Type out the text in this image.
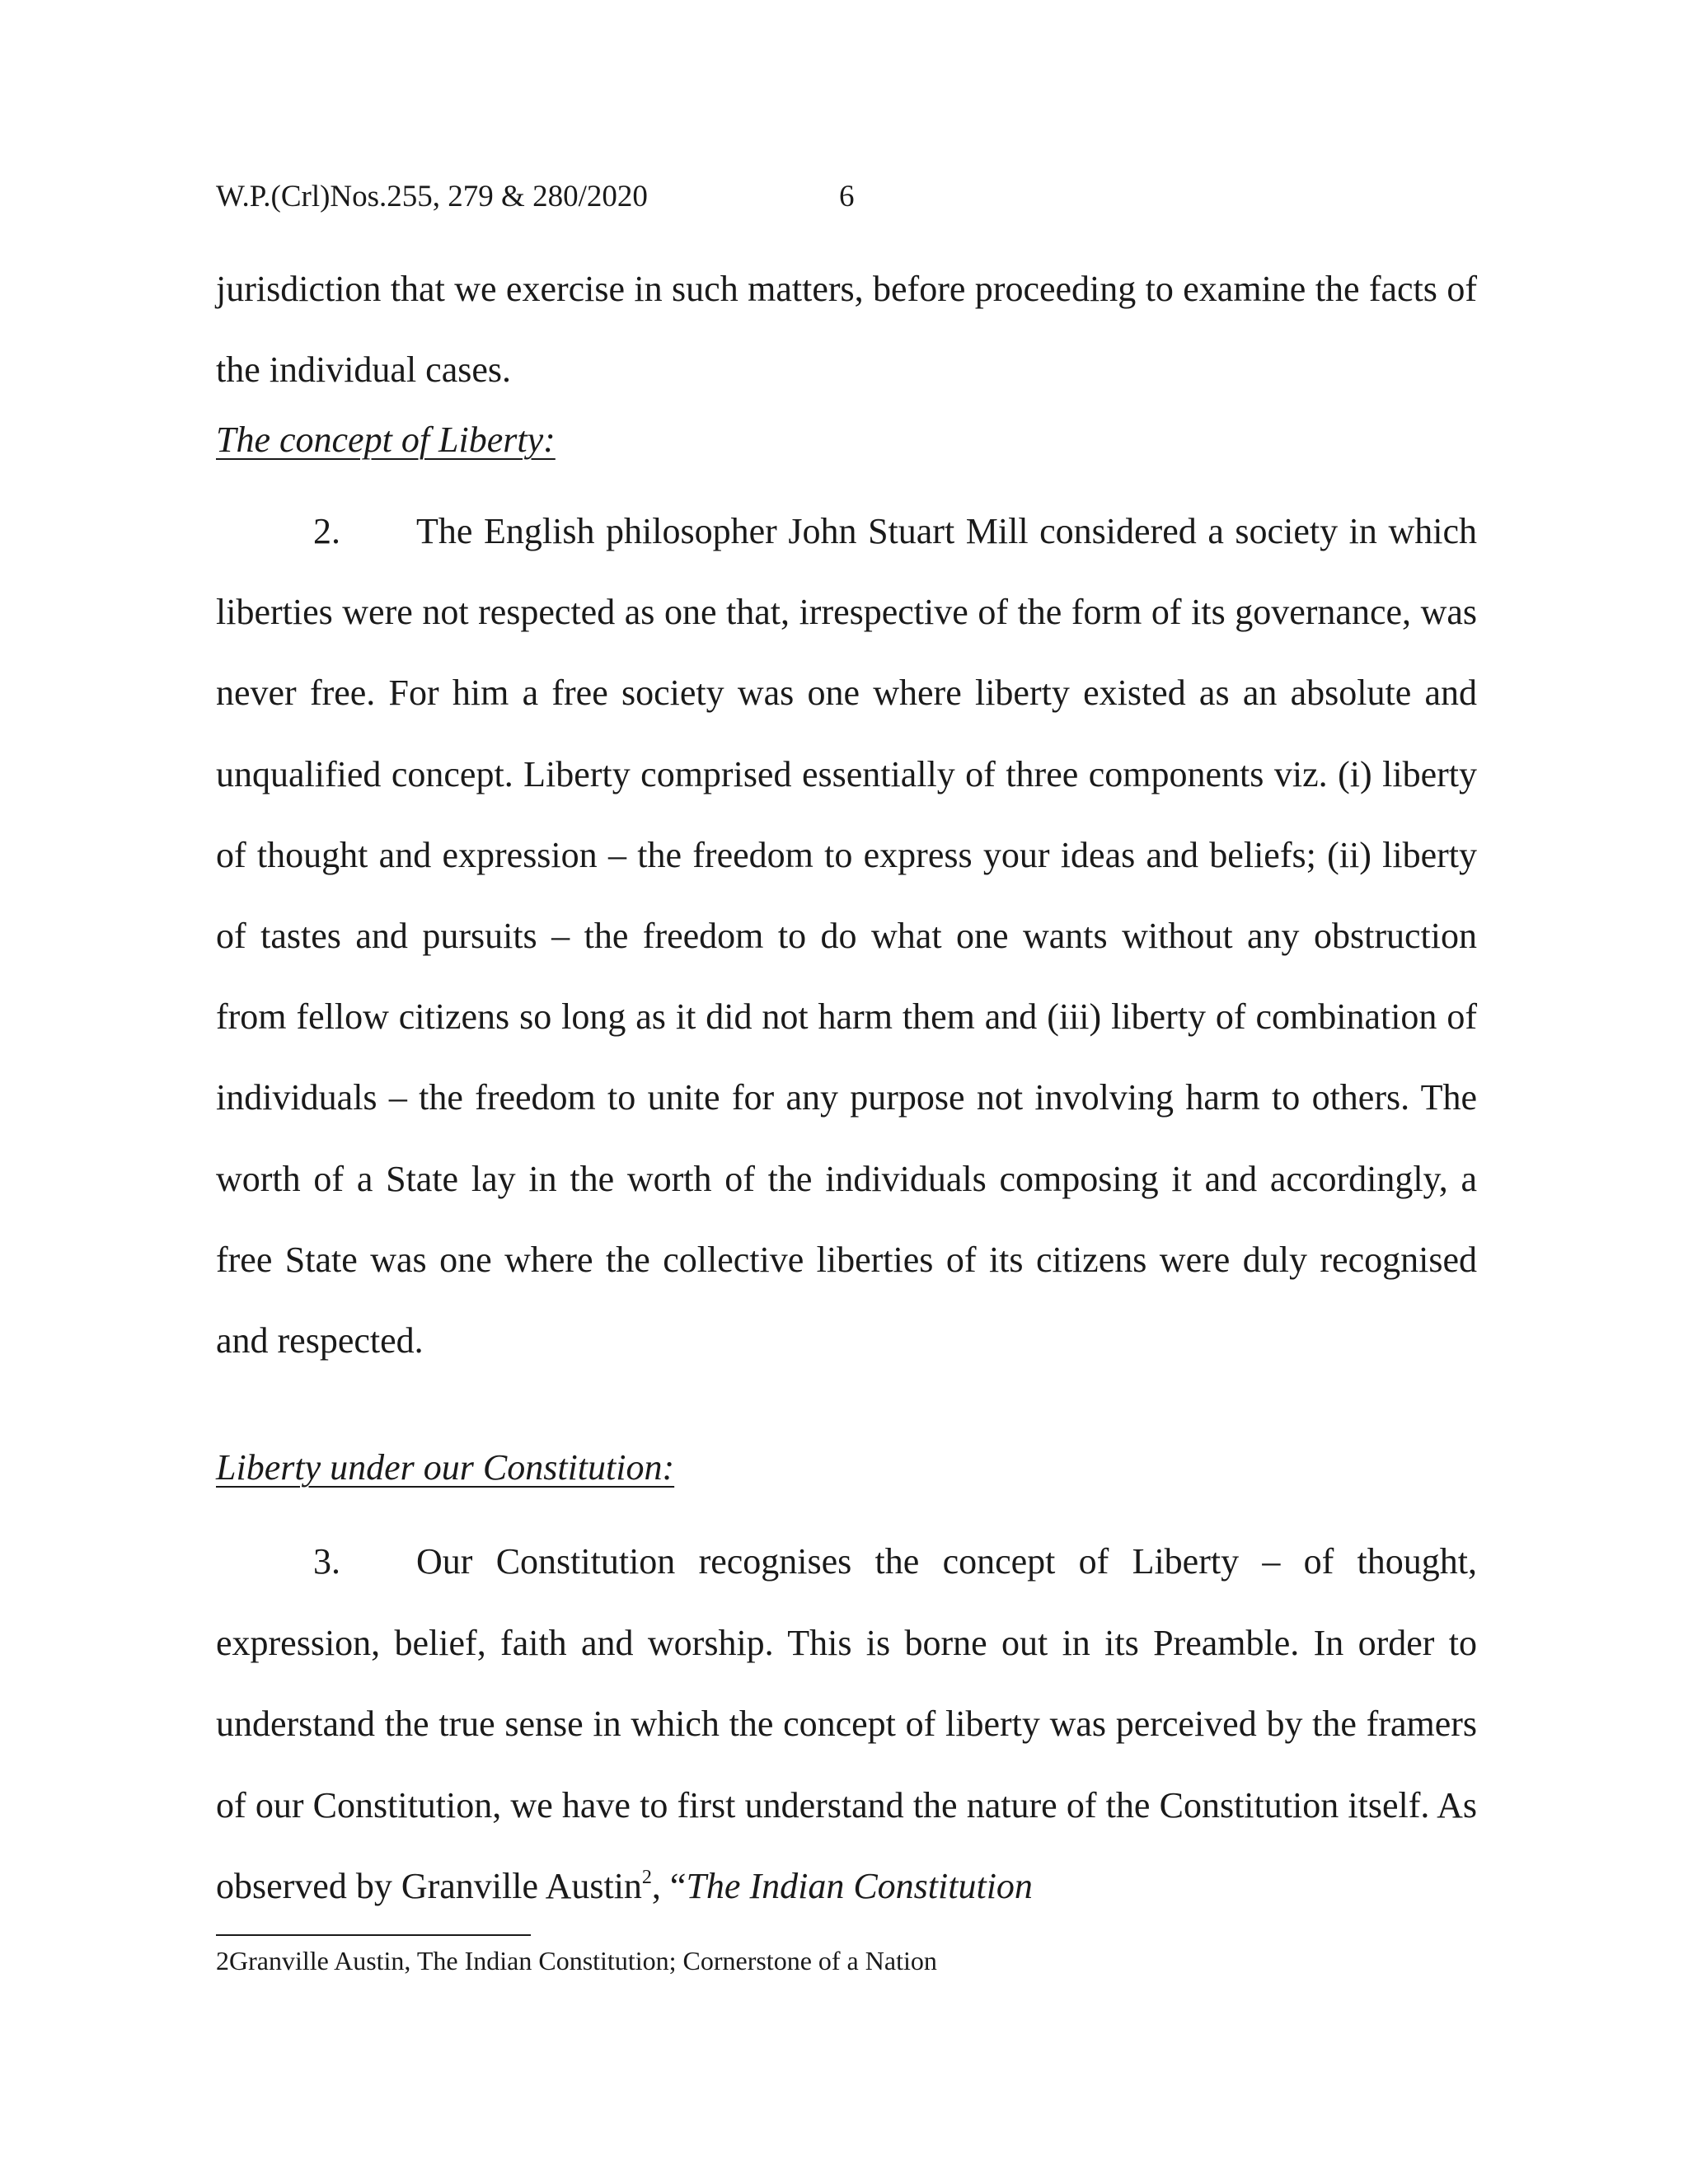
W.P.(Crl)Nos.255, 279 & 280/2020	6

jurisdiction that we exercise in such matters, before proceeding to examine the facts of the individual cases.

The concept of Liberty:

2. The English philosopher John Stuart Mill considered a society in which liberties were not respected as one that, irrespective of the form of its governance, was never free. For him a free society was one where liberty existed as an absolute and unqualified concept. Liberty comprised essentially of three components viz. (i) liberty of thought and expression – the freedom to express your ideas and beliefs; (ii) liberty of tastes and pursuits – the freedom to do what one wants without any obstruction from fellow citizens so long as it did not harm them and (iii) liberty of combination of individuals – the freedom to unite for any purpose not involving harm to others. The worth of a State lay in the worth of the individuals composing it and accordingly, a free State was one where the collective liberties of its citizens were duly recognised and respected.

Liberty under our Constitution:

3. Our Constitution recognises the concept of Liberty – of thought, expression, belief, faith and worship. This is borne out in its Preamble. In order to understand the true sense in which the concept of liberty was perceived by the framers of our Constitution, we have to first understand the nature of the Constitution itself. As observed by Granville Austin$^2$, “The Indian Constitution

2Granville Austin, The Indian Constitution; Cornerstone of a Nation
